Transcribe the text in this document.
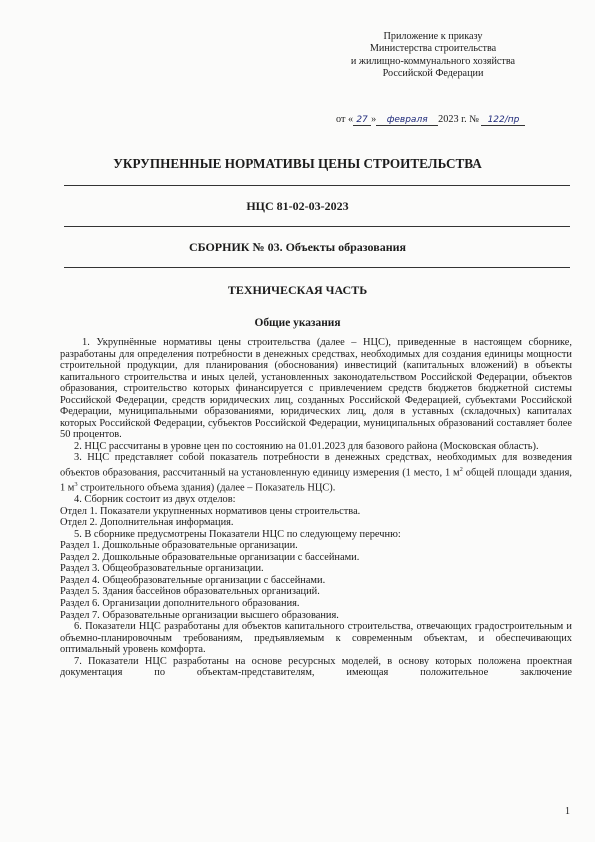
Приложение к приказу
Министерства строительства
и жилищно-коммунального хозяйства
Российской Федерации
от « 27 » февраля 2023 г. № 122/пр
УКРУПНЕННЫЕ НОРМАТИВЫ ЦЕНЫ СТРОИТЕЛЬСТВА
НЦС 81-02-03-2023
СБОРНИК № 03. Объекты образования
ТЕХНИЧЕСКАЯ ЧАСТЬ
Общие указания

1. Укрупнённые нормативы цены строительства (далее – НЦС), приведенные в настоящем сборнике, разработаны для определения потребности в денежных средствах, необходимых для создания единицы мощности строительной продукции, для планирования (обоснования) инвестиций (капитальных вложений) в объекты капитального строительства и иных целей, установленных законодательством Российской Федерации, объектов образования, строительство которых финансируется с привлечением средств бюджетов бюджетной системы Российской Федерации, средств юридических лиц, созданных Российской Федерацией, субъектами Российской Федерации, муниципальными образованиями, юридических лиц, доля в уставных (складочных) капиталах которых Российской Федерации, субъектов Российской Федерации, муниципальных образований составляет более 50 процентов.

2. НЦС рассчитаны в уровне цен по состоянию на 01.01.2023 для базового района (Московская область).

3. НЦС представляет собой показатель потребности в денежных средствах, необходимых для возведения объектов образования, рассчитанный на установленную единицу измерения (1 место, 1 $м^2$ общей площади здания, 1 $м^3$ строительного объема здания) (далее – Показатель НЦС).

4. Сборник состоит из двух отделов:

Отдел 1. Показатели укрупненных нормативов цены строительства.

Отдел 2. Дополнительная информация.

5. В сборнике предусмотрены Показатели НЦС по следующему перечню:

Раздел 1. Дошкольные образовательные организации.

Раздел 2. Дошкольные образовательные организации с бассейнами.

Раздел 3. Общеобразовательные организации.

Раздел 4. Общеобразовательные организации с бассейнами.

Раздел 5. Здания бассейнов образовательных организаций.

Раздел 6. Организации дополнительного образования.

Раздел 7. Образовательные организации высшего образования.

6. Показатели НЦС разработаны для объектов капитального строительства, отвечающих градостроительным и объемно-планировочным требованиям, предъявляемым к современным объектам, и обеспечивающих оптимальный уровень комфорта.

7. Показатели НЦС разработаны на основе ресурсных моделей, в основу которых положена проектная документация по объектам-представителям, имеющая положительное заключение

1
